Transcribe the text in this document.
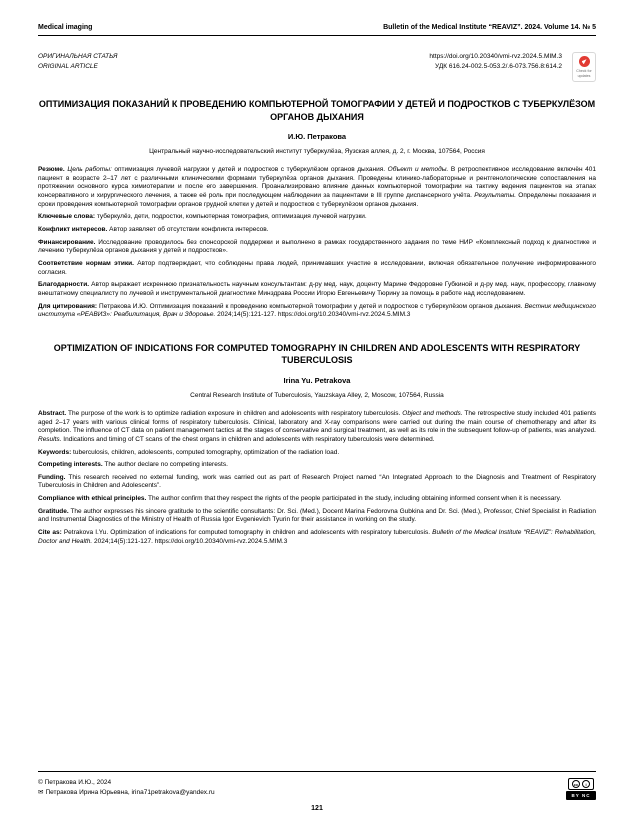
Medical imaging	Bulletin of the Medical Institute “REAVIZ”. 2024. Volume 14. № 5
ОРИГИНАЛЬНАЯ СТАТЬЯ
ORIGINAL ARTICLE
https://doi.org/10.20340/vmi-rvz.2024.5.MIM.3
УДК 616.24-002.5-053.2/.6-073.756.8:614.2
Check for updates
ОПТИМИЗАЦИЯ ПОКАЗАНИЙ К ПРОВЕДЕНИЮ КОМПЬЮТЕРНОЙ ТОМОГРАФИИ У ДЕТЕЙ И ПОДРОСТКОВ С ТУБЕРКУЛЁЗОМ ОРГАНОВ ДЫХАНИЯ
И.Ю. Петракова
Центральный научно-исследовательский институт туберкулёза, Яузская аллея, д. 2, г. Москва, 107564, Россия

Резюме. Цель работы: оптимизация лучевой нагрузки у детей и подростков с туберкулёзом органов дыхания. Объект и методы. В ретроспективное исследование включён 401 пациент в возрасте 2–17 лет с различными клиническими формами туберкулёза органов дыхания. Проведены клинико-лабораторные и рентгенологические сопоставления на протяжении основного курса химиотерапии и после его завершения. Проанализировано влияние данных компьютерной томографии на тактику ведения пациентов на этапах консервативного и хирургического лечения, а также её роль при последующем наблюдении за пациентами в III группе диспансерного учёта. Результаты. Определены показания и сроки проведения компьютерной томографии органов грудной клетки у детей и подростков с туберкулёзом органов дыхания.

Ключевые слова: туберкулёз, дети, подростки, компьютерная томография, оптимизация лучевой нагрузки.

Конфликт интересов. Автор заявляет об отсутствии конфликта интересов.

Финансирование. Исследование проводилось без спонсорской поддержки и выполнено в рамках государственного задания по теме НИР «Комплексный подход к диагностике и лечению туберкулёза органов дыхания у детей и подростков».

Соответствие нормам этики. Автор подтверждает, что соблюдены права людей, принимавших участие в исследовании, включая обязательное получение информированного согласия.

Благодарности. Автор выражает искреннюю признательность научным консультантам: д-ру мед. наук, доценту Марине Федоровне Губкиной и д-ру мед. наук, профессору, главному внештатному специалисту по лучевой и инструментальной диагностике Минздрава России Игорю Евгеньевичу Тюрину за помощь в работе над исследованием.

Для цитирования: Петракова И.Ю. Оптимизация показаний к проведению компьютерной томографии у детей и подростков с туберкулёзом органов дыхания. Вестник медицинского института «РЕАВИЗ»: Реабилитация, Врач и Здоровье. 2024;14(5):121-127. https://doi.org/10.20340/vmi-rvz.2024.5.MIM.3

OPTIMIZATION OF INDICATIONS FOR COMPUTED TOMOGRAPHY IN CHILDREN AND ADOLESCENTS WITH RESPIRATORY TUBERCULOSIS
Irina Yu. Petrakova
Central Research Institute of Tuberculosis, Yauzskaya Alley, 2, Moscow, 107564, Russia

Abstract. The purpose of the work is to optimize radiation exposure in children and adolescents with respiratory tuberculosis. Object and methods. The retrospective study included 401 patients aged 2–17 years with various clinical forms of respiratory tuberculosis. Clinical, laboratory and X-ray comparisons were carried out during the main course of chemotherapy and after its completion. The influence of CT data on patient management tactics at the stages of conservative and surgical treatment, as well as its role in the subsequent follow-up of patients, was analyzed. Results. Indications and timing of CT scans of the chest organs in children and adolescents with respiratory tuberculosis were determined.

Keywords: tuberculosis, children, adolescents, computed tomography, optimization of the radiation load.

Competing interests. The author declare no competing interests.

Funding. This research received no external funding, work was carried out as part of Research Project named “An Integrated Approach to the Diagnosis and Treatment of Respiratory Tuberculosis in Children and Adolescents”.

Compliance with ethical principles. The author confirm that they respect the rights of the people participated in the study, including obtaining informed consent when it is necessary.

Gratitude. The author expresses his sincere gratitude to the scientific consultants: Dr. Sci. (Med.), Docent Marina Fedorovna Gubkina and Dr. Sci. (Med.), Professor, Chief Specialist in Radiation and Instrumental Diagnostics of the Ministry of Health of Russia Igor Evgenievich Tyurin for their assistance in working on the study.

Cite as: Petrakova I.Yu. Optimization of indications for computed tomography in children and adolescents with respiratory tuberculosis. Bulletin of the Medical Institute “REAVIZ”: Rehabilitation, Doctor and Health. 2024;14(5):121-127. https://doi.org/10.20340/vmi-rvz.2024.5.MIM.3

© Петракова И.Ю., 2024
✉ Петракова Ирина Юрьевна, irina71petrakova@yandex.ru
cc	i
BY NC
121
